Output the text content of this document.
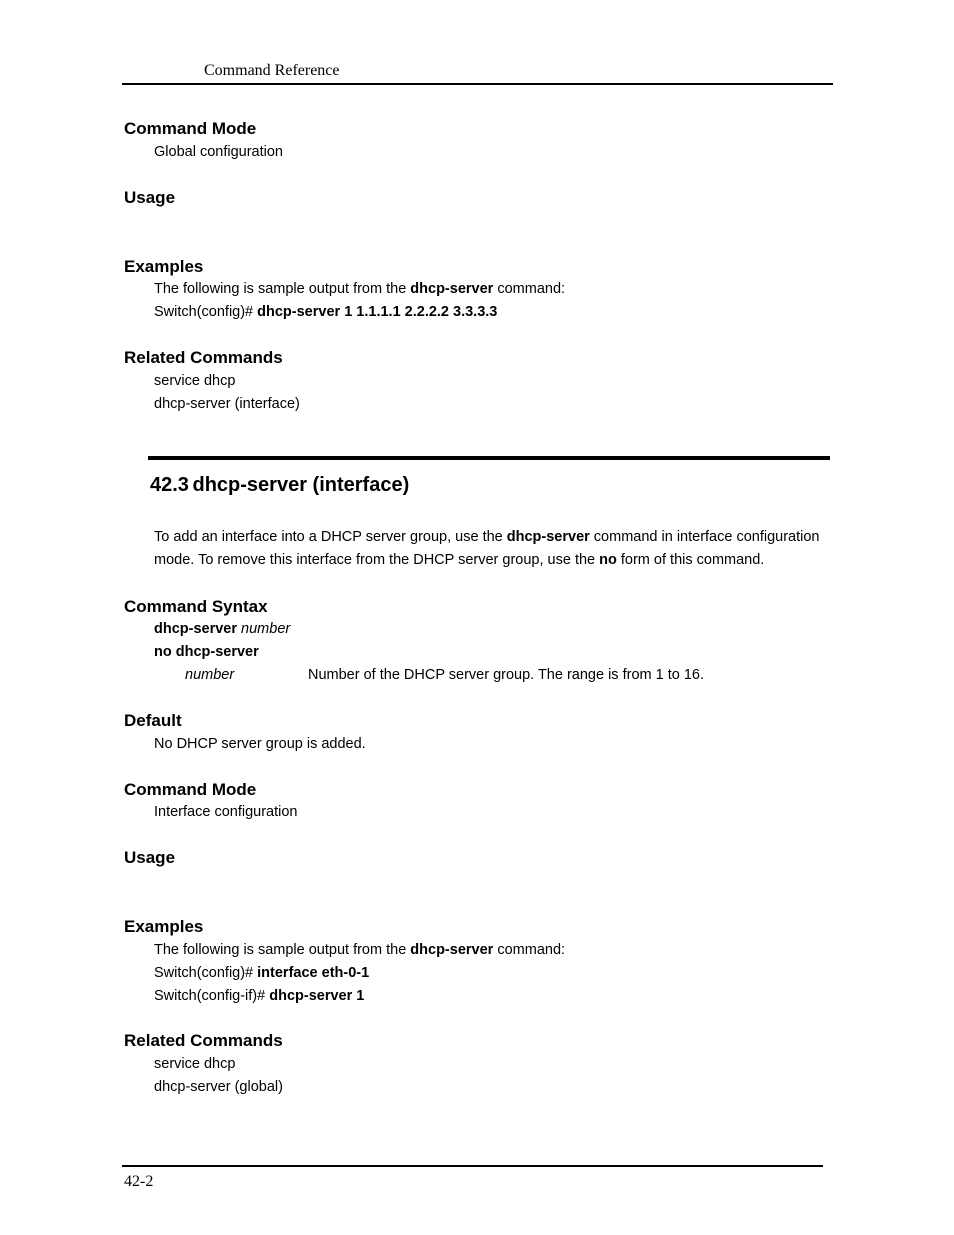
Command Reference
Command Mode
Global configuration
Usage
Examples
The following is sample output from the dhcp-server command:
Switch(config)# dhcp-server 1 1.1.1.1 2.2.2.2 3.3.3.3
Related Commands
service dhcp
dhcp-server (interface)
42.3 dhcp-server (interface)
To add an interface into a DHCP server group, use the dhcp-server command in interface configuration
mode. To remove this interface from the DHCP server group, use the no form of this command.
Command Syntax
dhcp-server number
no dhcp-server
number	Number of the DHCP server group. The range is from 1 to 16.
Default
No DHCP server group is added.
Command Mode
Interface configuration
Usage
Examples
The following is sample output from the dhcp-server command:
Switch(config)# interface eth-0-1
Switch(config-if)# dhcp-server 1
Related Commands
service dhcp
dhcp-server (global)
42-2
